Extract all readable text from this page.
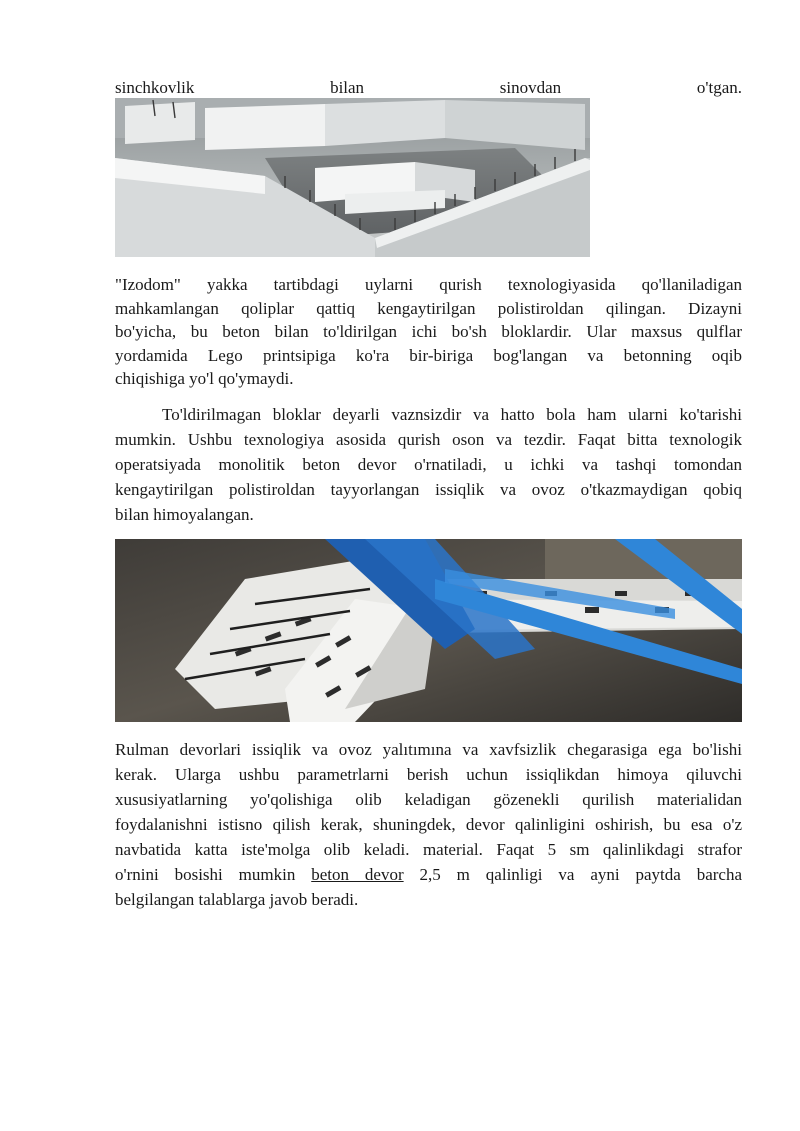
sinchkovlik bilan sinovdan o'tgan.
"Izodom" yakka tartibdagi uylarni qurish texnologiyasida qo'llaniladigan
mahkamlangan qoliplar qattiq kengaytirilgan polistiroldan qilingan. Dizayni
bo'yicha, bu beton bilan to'ldirilgan ichi bo'sh bloklardir. Ular maxsus qulflar
yordamida Lego printsipiga ko'ra bir-biriga bog'langan va betonning oqib
chiqishiga yo'l qo'ymaydi.
To'ldirilmagan bloklar deyarli vaznsizdir va hatto bola ham ularni ko'tarishi
mumkin. Ushbu texnologiya asosida qurish oson va tezdir. Faqat bitta texnologik
operatsiyada monolitik beton devor o'rnatiladi, u ichki va tashqi tomondan
kengaytirilgan polistiroldan tayyorlangan issiqlik va ovoz o'tkazmaydigan qobiq
bilan himoyalangan.
Rulman devorlari issiqlik va ovoz yalıtımına va xavfsizlik chegarasiga ega bo'lishi
kerak. Ularga ushbu parametrlarni berish uchun issiqlikdan himoya qiluvchi
xususiyatlarning yo'qolishiga olib keladigan gözenekli qurilish materialidan
foydalanishni istisno qilish kerak, shuningdek, devor qalinligini oshirish, bu esa o'z
navbatida katta iste'molga olib keladi. material. Faqat 5 sm qalinlikdagi strafor
o'rnini bosishi mumkin beton devor 2,5 m qalinligi va ayni paytda barcha
belgilangan talablarga javob beradi.
